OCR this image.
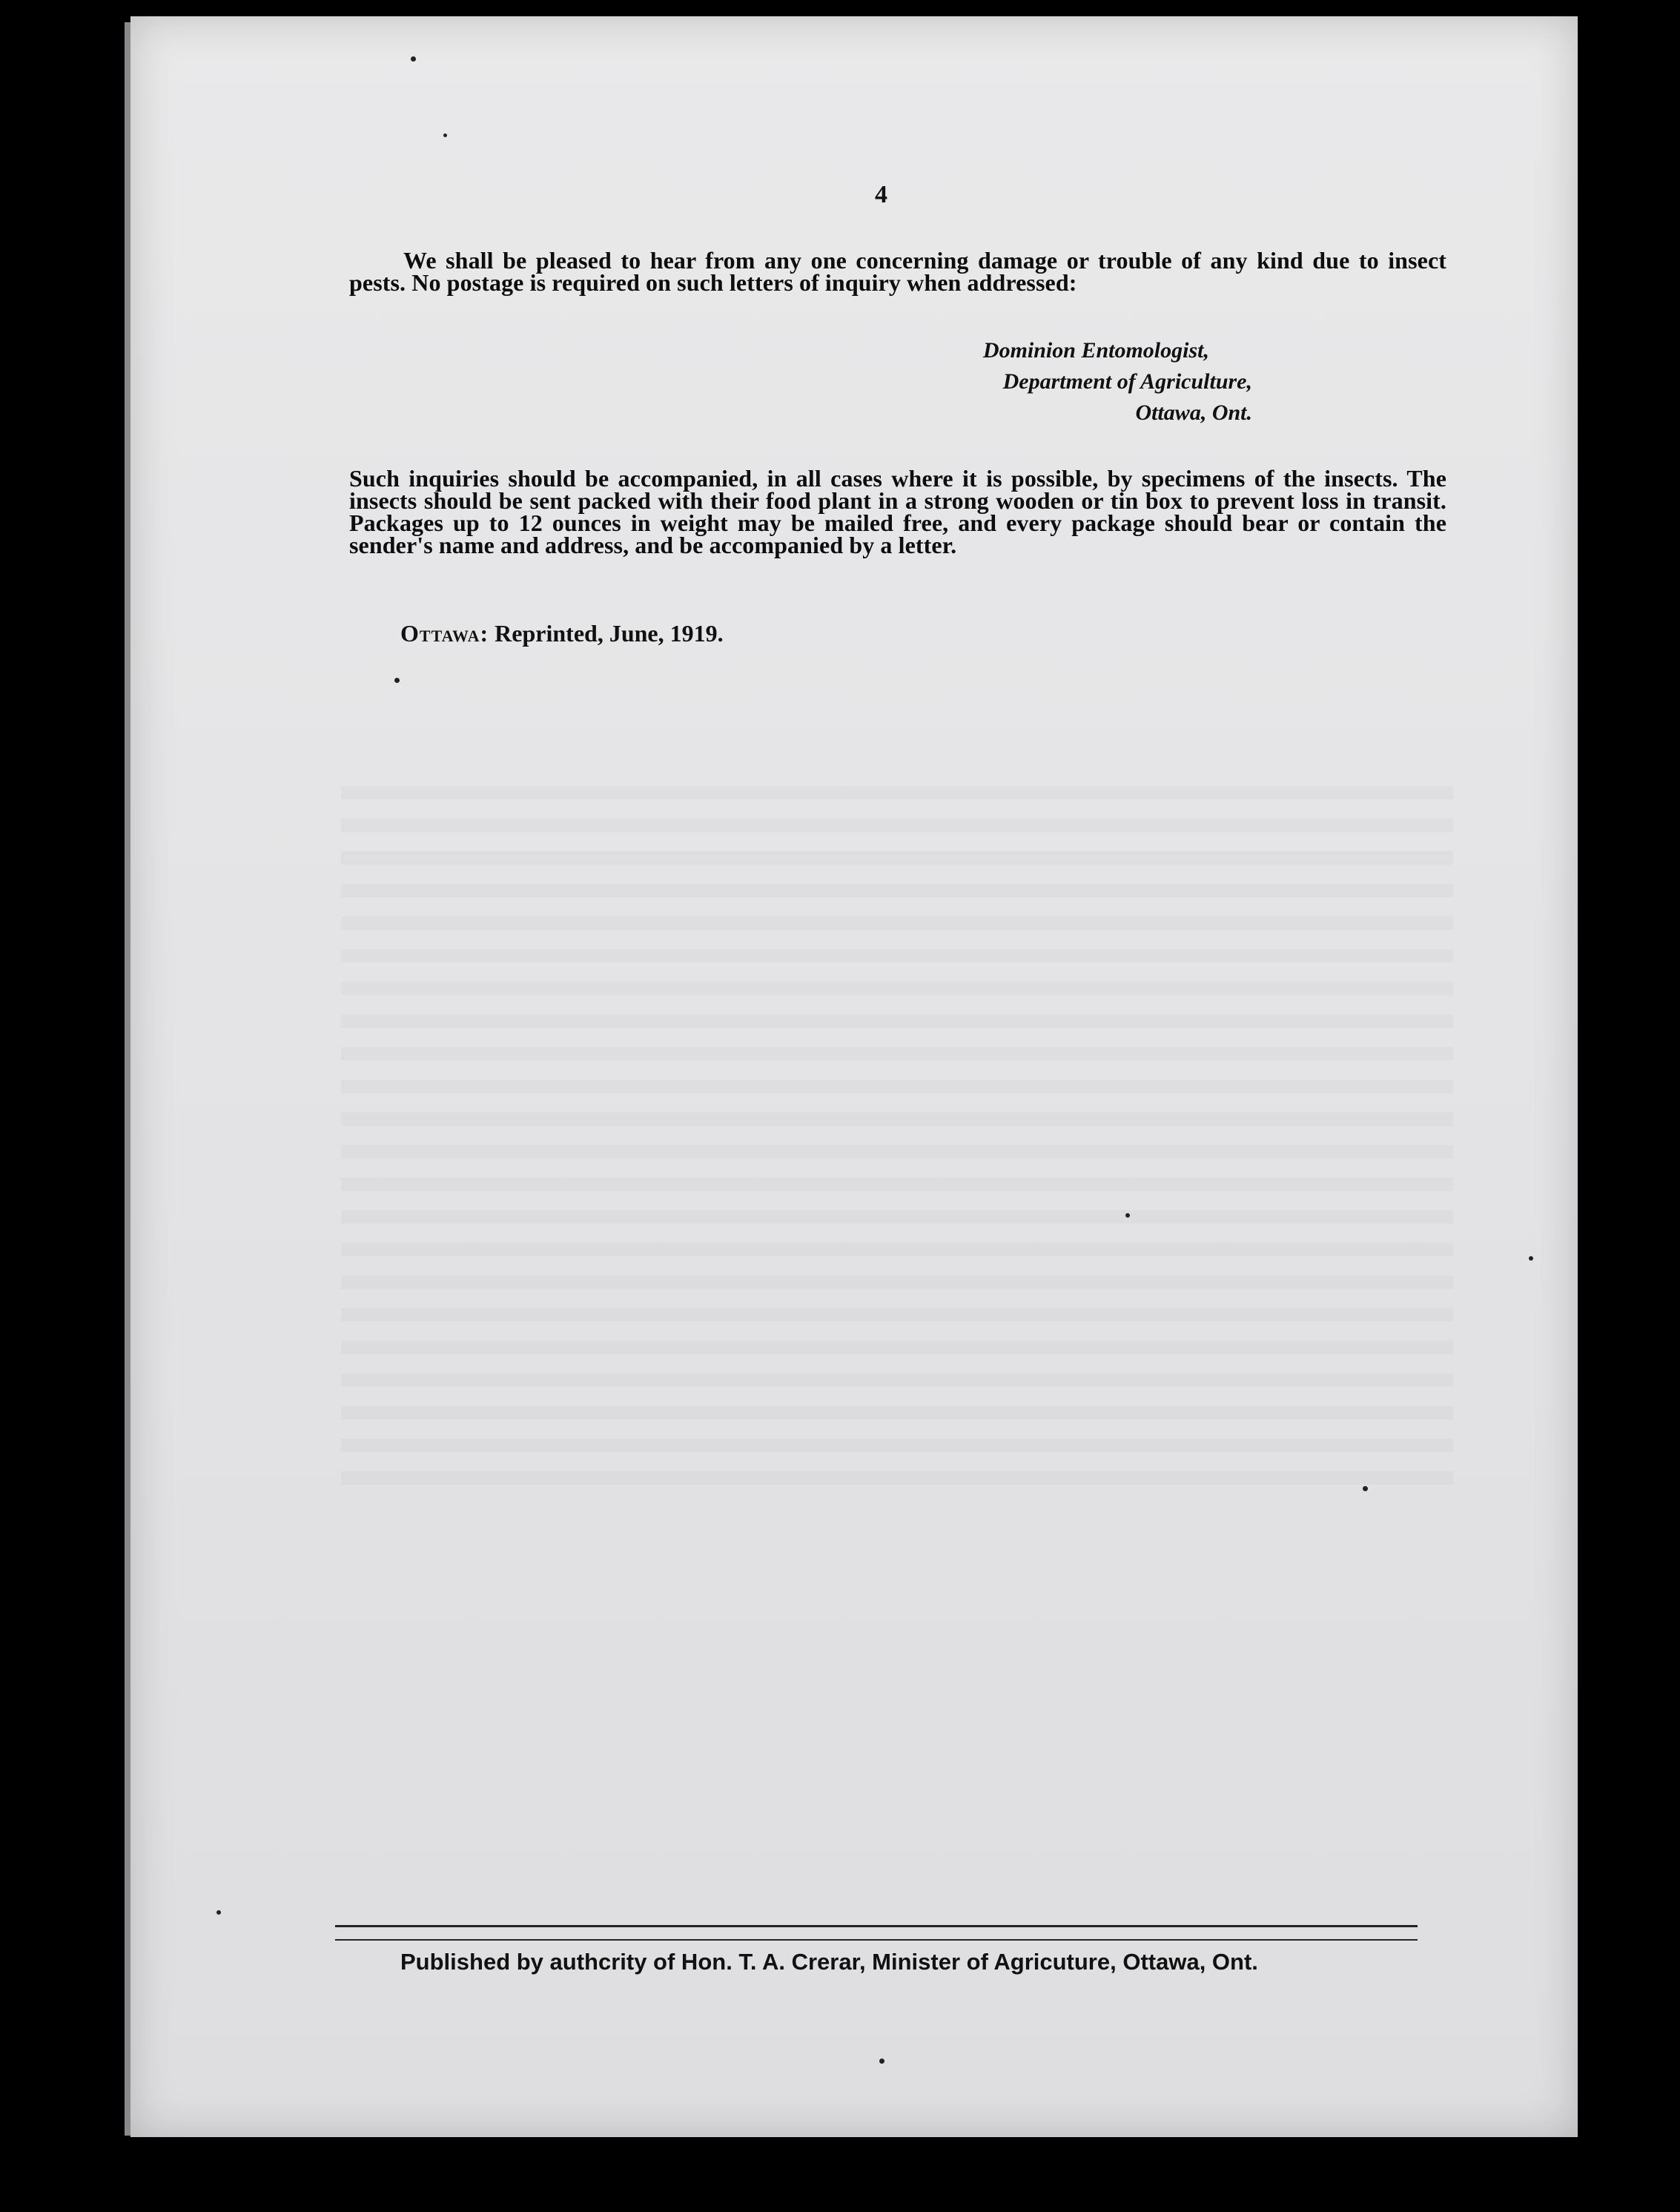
4
We shall be pleased to hear from any one concerning damage or trouble of any kind due to insect pests. No postage is required on such letters of inquiry when addressed:
Dominion Entomologist,
Department of Agriculture,
Ottawa, Ont.
Such inquiries should be accompanied, in all cases where it is possible, by specimens of the insects. The insects should be sent packed with their food plant in a strong wooden or tin box to prevent loss in transit. Packages up to 12 ounces in weight may be mailed free, and every package should bear or contain the sender's name and address, and be accompanied by a letter.
Ottawa: Reprinted, June, 1919.
Published by authcrity of Hon. T. A. Crerar, Minister of Agricuture, Ottawa, Ont.
